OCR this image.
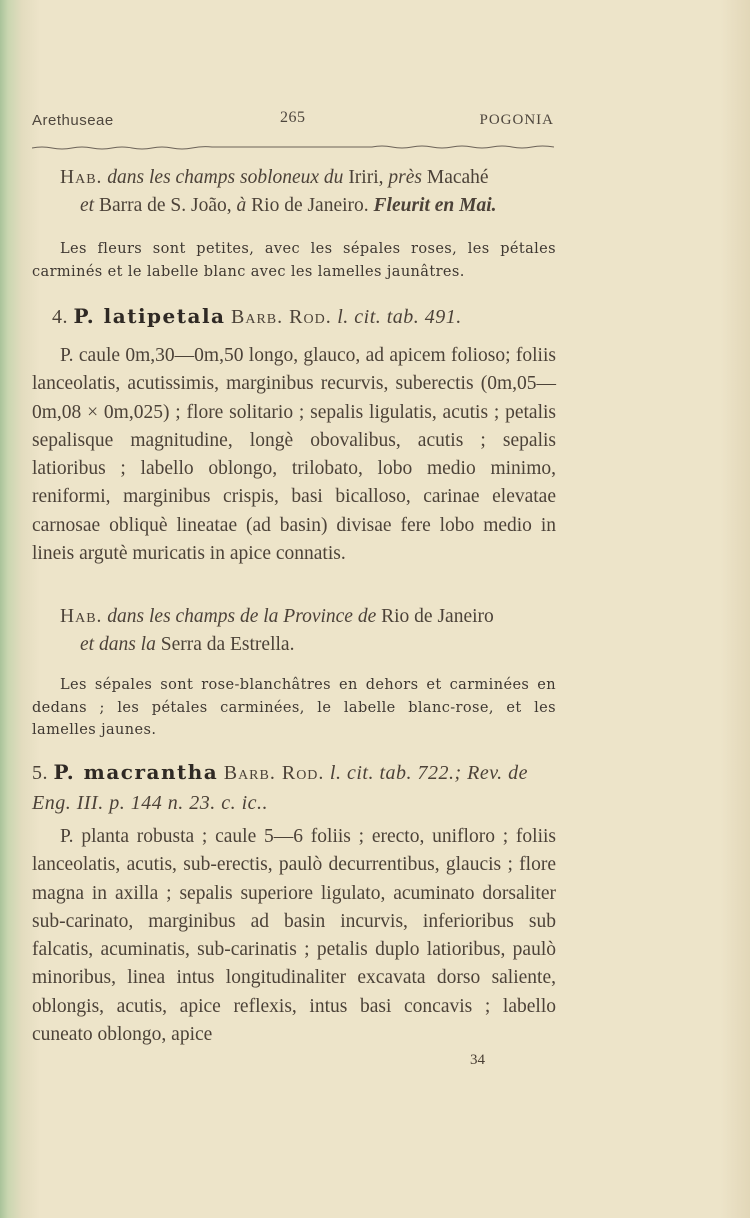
Arethuseae	265	POGONIA
Hab. dans les champs sobloneux du Iriri, près Macahé
et Barra de S. João, à Rio de Janeiro. Fleurit en Mai.
Les fleurs sont petites, avec les sépales roses, les pétales carminés et le labelle blanc avec les lamelles jaunâtres.
4. P. latipetala Barb. Rod. l. cit. tab. 491.
P. caule 0m,30—0m,50 longo, glauco, ad apicem folioso; foliis lanceolatis, acutissimis, marginibus recurvis, suberectis (0m,05—0m,08 × 0m,025) ; flore solitario ; sepalis ligulatis, acutis ; petalis sepalisque magnitudine, longè obovalibus, acutis ; sepalis latioribus ; labello oblongo, trilobato, lobo medio minimo, reniformi, marginibus crispis, basi bicalloso, carinae elevatae carnosae obliquè lineatae (ad basin) divisae fere lobo medio in lineis argutè muricatis in apice connatis.
Hab. dans les champs de la Province de Rio de Janeiro
et dans la Serra da Estrella.
Les sépales sont rose-blanchâtres en dehors et carminées en dedans ; les pétales carminées, le labelle blanc-rose, et les lamelles jaunes.
5. P. macrantha Barb. Rod. l. cit. tab. 722.; Rev. de Eng. III. p. 144 n. 23. c. ic..
P. planta robusta ; caule 5—6 foliis ; erecto, unifloro ; foliis lanceolatis, acutis, sub-erectis, paulò decurrentibus, glaucis ; flore magna in axilla ; sepalis superiore ligulato, acuminato dorsaliter sub-carinato, marginibus ad basin incurvis, inferioribus sub falcatis, acuminatis, sub-carinatis ; petalis duplo latioribus, paulò minoribus, linea intus longitudinaliter excavata dorso saliente, oblongis, acutis, apice reflexis, intus basi concavis ; labello cuneato oblongo, apice
34
